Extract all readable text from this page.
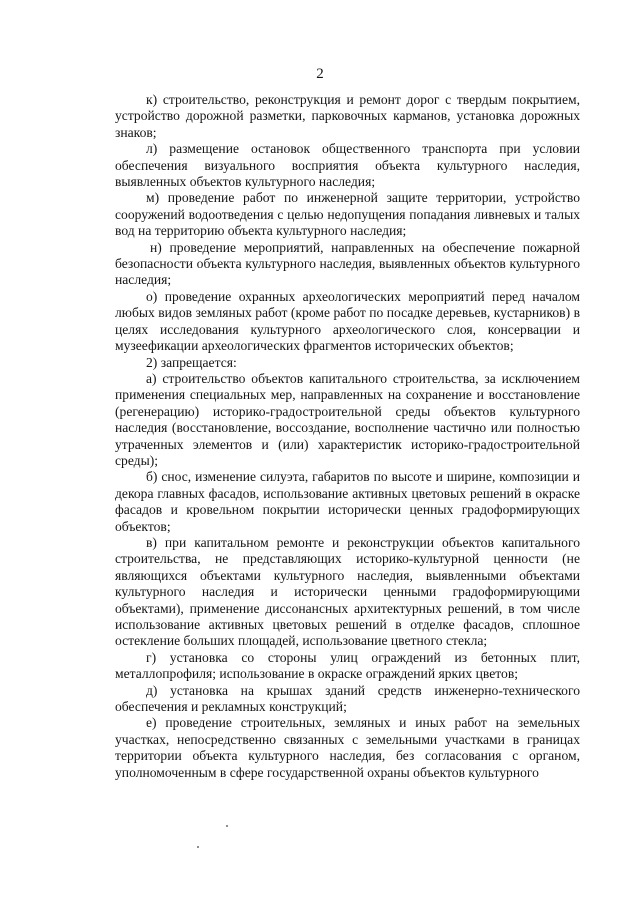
2

к) строительство, реконструкция и ремонт дорог с твердым покрытием, устройство дорожной разметки, парковочных карманов, установка дорожных знаков;

л) размещение остановок общественного транспорта при условии обеспечения визуального восприятия объекта культурного наследия, выявленных объектов культурного наследия;

м) проведение работ по инженерной защите территории, устройство сооружений водоотведения с целью недопущения попадания ливневых и талых вод на территорию объекта культурного наследия;

н) проведение мероприятий, направленных на обеспечение пожарной безопасности объекта культурного наследия, выявленных объектов культурного наследия;

о) проведение охранных археологических мероприятий перед началом любых видов земляных работ (кроме работ по посадке деревьев, кустарников) в целях исследования культурного археологического слоя, консервации и музеефикации археологических фрагментов исторических объектов;

2) запрещается:

а) строительство объектов капитального строительства, за исключением применения специальных мер, направленных на сохранение и восстановление (регенерацию) историко-градостроительной среды объектов культурного наследия (восстановление, воссоздание, восполнение частично или полностью утраченных элементов и (или) характеристик историко-градостроительной среды);

б) снос, изменение силуэта, габаритов по высоте и ширине, композиции и декора главных фасадов, использование активных цветовых решений в окраске фасадов и кровельном покрытии исторически ценных градоформирующих объектов;

в) при капитальном ремонте и реконструкции объектов капитального строительства, не представляющих историко-культурной ценности (не являющихся объектами культурного наследия, выявленными объектами культурного наследия и исторически ценными градоформирующими объектами), применение диссонансных архитектурных решений, в том числе использование активных цветовых решений в отделке фасадов, сплошное остекление больших площадей, использование цветного стекла;

г) установка со стороны улиц ограждений из бетонных плит, металлопрофиля; использование в окраске ограждений ярких цветов;

д) установка на крышах зданий средств инженерно-технического обеспечения и рекламных конструкций;

е) проведение строительных, земляных и иных работ на земельных участках, непосредственно связанных с земельными участками в границах территории объекта культурного наследия, без согласования с органом, уполномоченным в сфере государственной охраны объектов культурного
